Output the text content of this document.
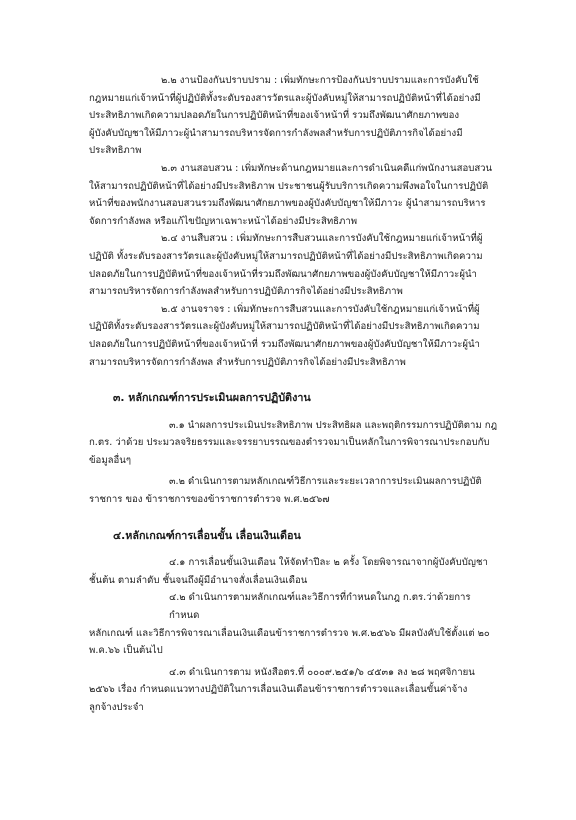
๒.๒ งานป้องกันปราบปราม : เพิ่มทักษะการป้องกันปราบปรามและการบังคับใช้
กฎหมายแก่เจ้าหน้าที่ผู้ปฏิบัติทั้งระดับรองสารวัตรและผู้บังคับหมู่ให้สามารถปฏิบัติหน้าที่ได้อย่างมี
ประสิทธิภาพเกิดความปลอดภัยในการปฏิบัติหน้าที่ของเจ้าหน้าที่ รวมถึงพัฒนาศักยภาพของ
ผู้บังคับบัญชาให้มีภาวะผู้นำสามารถบริหารจัดการกำลังพลสำหรับการปฏิบัติภารกิจได้อย่างมี
ประสิทธิภาพ

๒.๓ งานสอบสวน : เพิ่มทักษะด้านกฎหมายและการดำเนินคดีแก่พนักงานสอบสวน
ให้สามารถปฏิบัติหน้าที่ได้อย่างมีประสิทธิภาพ ประชาชนผู้รับบริการเกิดความพึงพอใจในการปฏิบัติ
หน้าที่ของพนักงานสอบสวนรวมถึงพัฒนาศักยภาพของผู้บังคับบัญชาให้มีภาวะ ผู้นำสามารถบริหาร
จัดการกำลังพล หรือแก้ไขปัญหาเฉพาะหน้าได้อย่างมีประสิทธิภาพ

๒.๔ งานสืบสวน : เพิ่มทักษะการสืบสวนและการบังคับใช้กฎหมายแก่เจ้าหน้าที่ผู้
ปฏิบัติ ทั้งระดับรองสารวัตรและผู้บังคับหมู่ให้สามารถปฏิบัติหน้าที่ได้อย่างมีประสิทธิภาพเกิดความ
ปลอดภัยในการปฏิบัติหน้าที่ของเจ้าหน้าที่รวมถึงพัฒนาศักยภาพของผู้บังคับบัญชาให้มีภาวะผู้นำ
สามารถบริหารจัดการกำลังพลสำหรับการปฏิบัติภารกิจได้อย่างมีประสิทธิภาพ

๒.๕ งานจราจร : เพิ่มทักษะการสืบสวนและการบังคับใช้กฎหมายแก่เจ้าหน้าที่ผู้
ปฏิบัติทั้งระดับรองสารวัตรและผู้บังคับหมู่ให้สามารถปฏิบัติหน้าที่ได้อย่างมีประสิทธิภาพเกิดความ
ปลอดภัยในการปฏิบัติหน้าที่ของเจ้าหน้าที่ รวมถึงพัฒนาศักยภาพของผู้บังคับบัญชาให้มีภาวะผู้นำ
สามารถบริหารจัดการกำลังพล สำหรับการปฏิบัติภารกิจได้อย่างมีประสิทธิภาพ

๓. หลักเกณฑ์การประเมินผลการปฏิบัติงาน

๓.๑ นำผลการประเมินประสิทธิภาพ ประสิทธิผล และพฤติกรรมการปฏิบัติตาม กฎ
ก.ตร. ว่าด้วย ประมวลจริยธรรมและจรรยาบรรณของตำรวจมาเป็นหลักในการพิจารณาประกอบกับ
ข้อมูลอื่นๆ

๓.๒ ดำเนินการตามหลักเกณฑ์วิธีการและระยะเวลาการประเมินผลการปฏิบัติ
ราชการ ของ ข้าราชการของข้าราชการตำรวจ พ.ศ.๒๕๖๗

๔.หลักเกณฑ์การเลื่อนขั้น เลื่อนเงินเดือน

๔.๑ การเลื่อนขั้นเงินเดือน ให้จัดทำปีละ ๒ ครั้ง โดยพิจารณาจากผู้บังคับบัญชา
ชั้นต้น ตามลำดับ ชั้นจนถึงผู้มีอำนาจสั่งเลื่อนเงินเดือน

๔.๒ ดำเนินการตามหลักเกณฑ์และวิธีการที่กำหนดในกฎ ก.ตร.ว่าด้วยการกำหนด
หลักเกณฑ์ และวิธีการพิจารณาเลื่อนเงินเดือนข้าราชการตำรวจ พ.ศ.๒๕๖๖ มีผลบังคับใช้ตั้งแต่ ๒๐
พ.ค.๖๖ เป็นต้นไป

๔.๓ ดำเนินการตาม หนังสือตร.ที่ ๐๐๐๙.๒๕๑/๖ ๔๕๓๑ ลง ๒๘ พฤศจิกายน
๒๕๖๖ เรื่อง กำหนดแนวทางปฏิบัติในการเลื่อนเงินเดือนข้าราชการตำรวจและเลื่อนขั้นค่าจ้าง
ลูกจ้างประจำ
